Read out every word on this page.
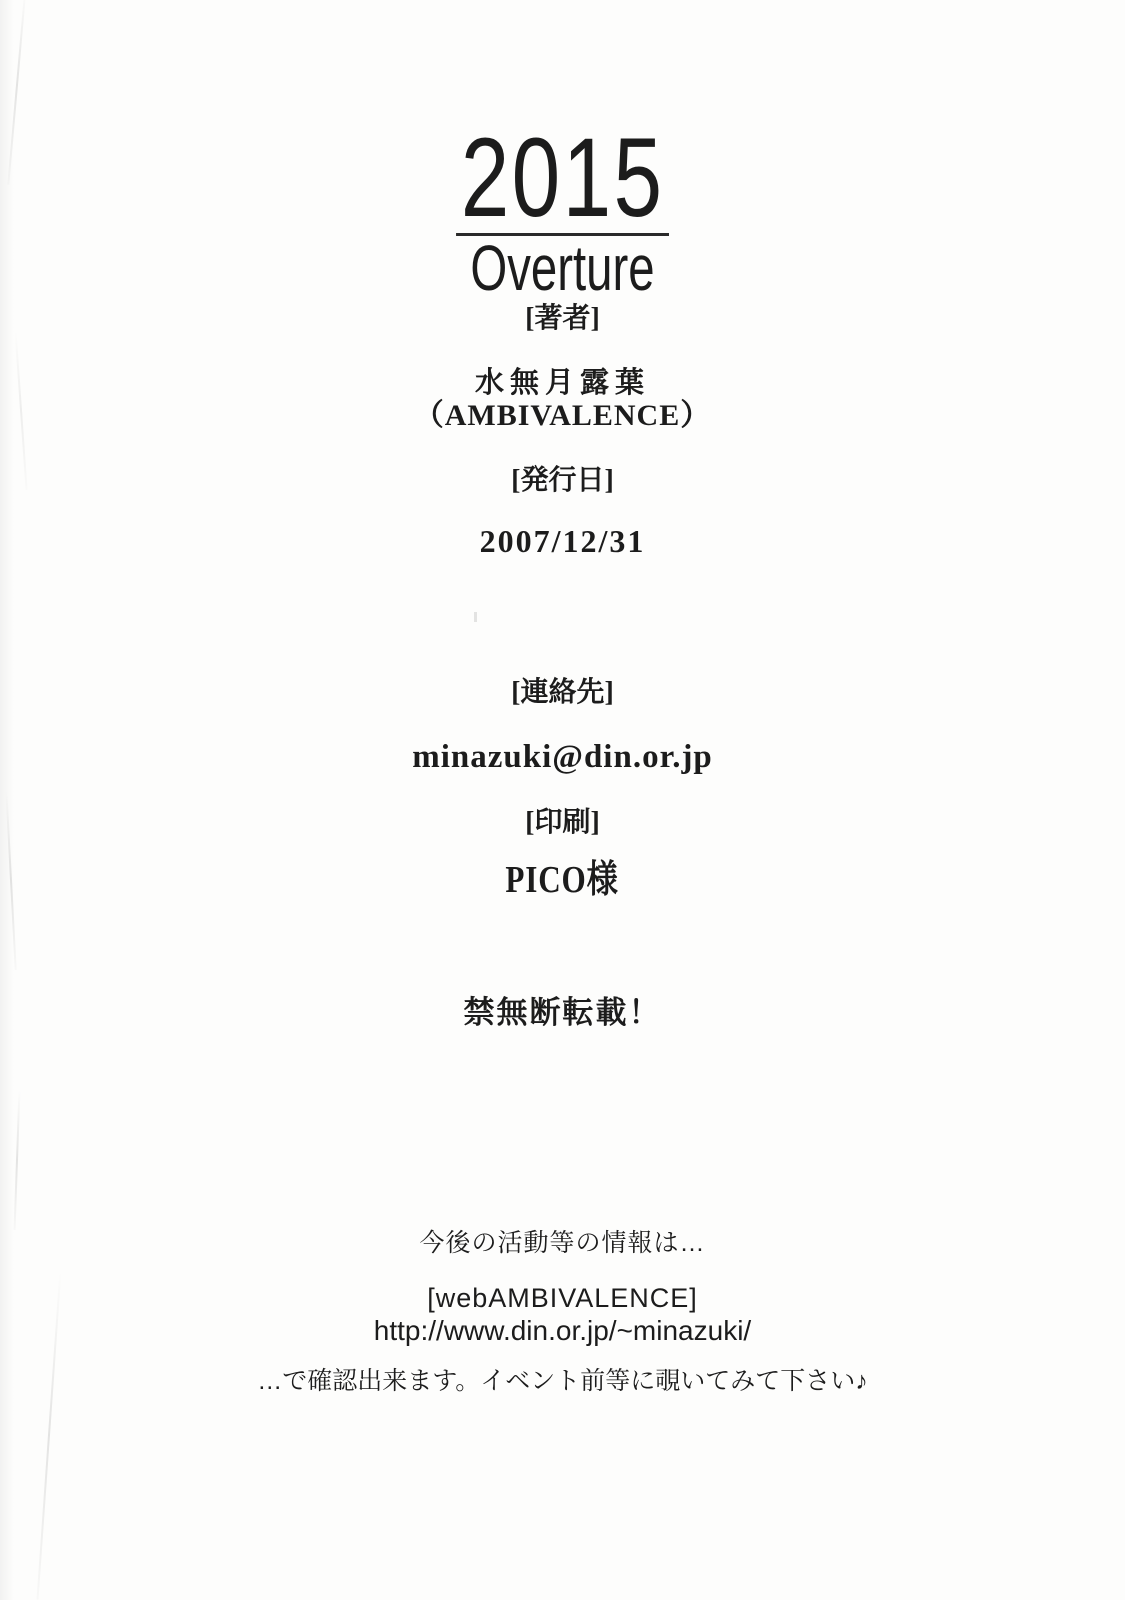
2015
Overture
[著者]
水無月露葉
（AMBIVALENCE）
[発行日]
2007/12/31
[連絡先]
minazuki@din.or.jp
[印刷]
PICO様
禁無断転載！
今後の活動等の情報は…
[webAMBIVALENCE]
http://www.din.or.jp/~minazuki/
…で確認出来ます。イベント前等に覗いてみて下さい♪
